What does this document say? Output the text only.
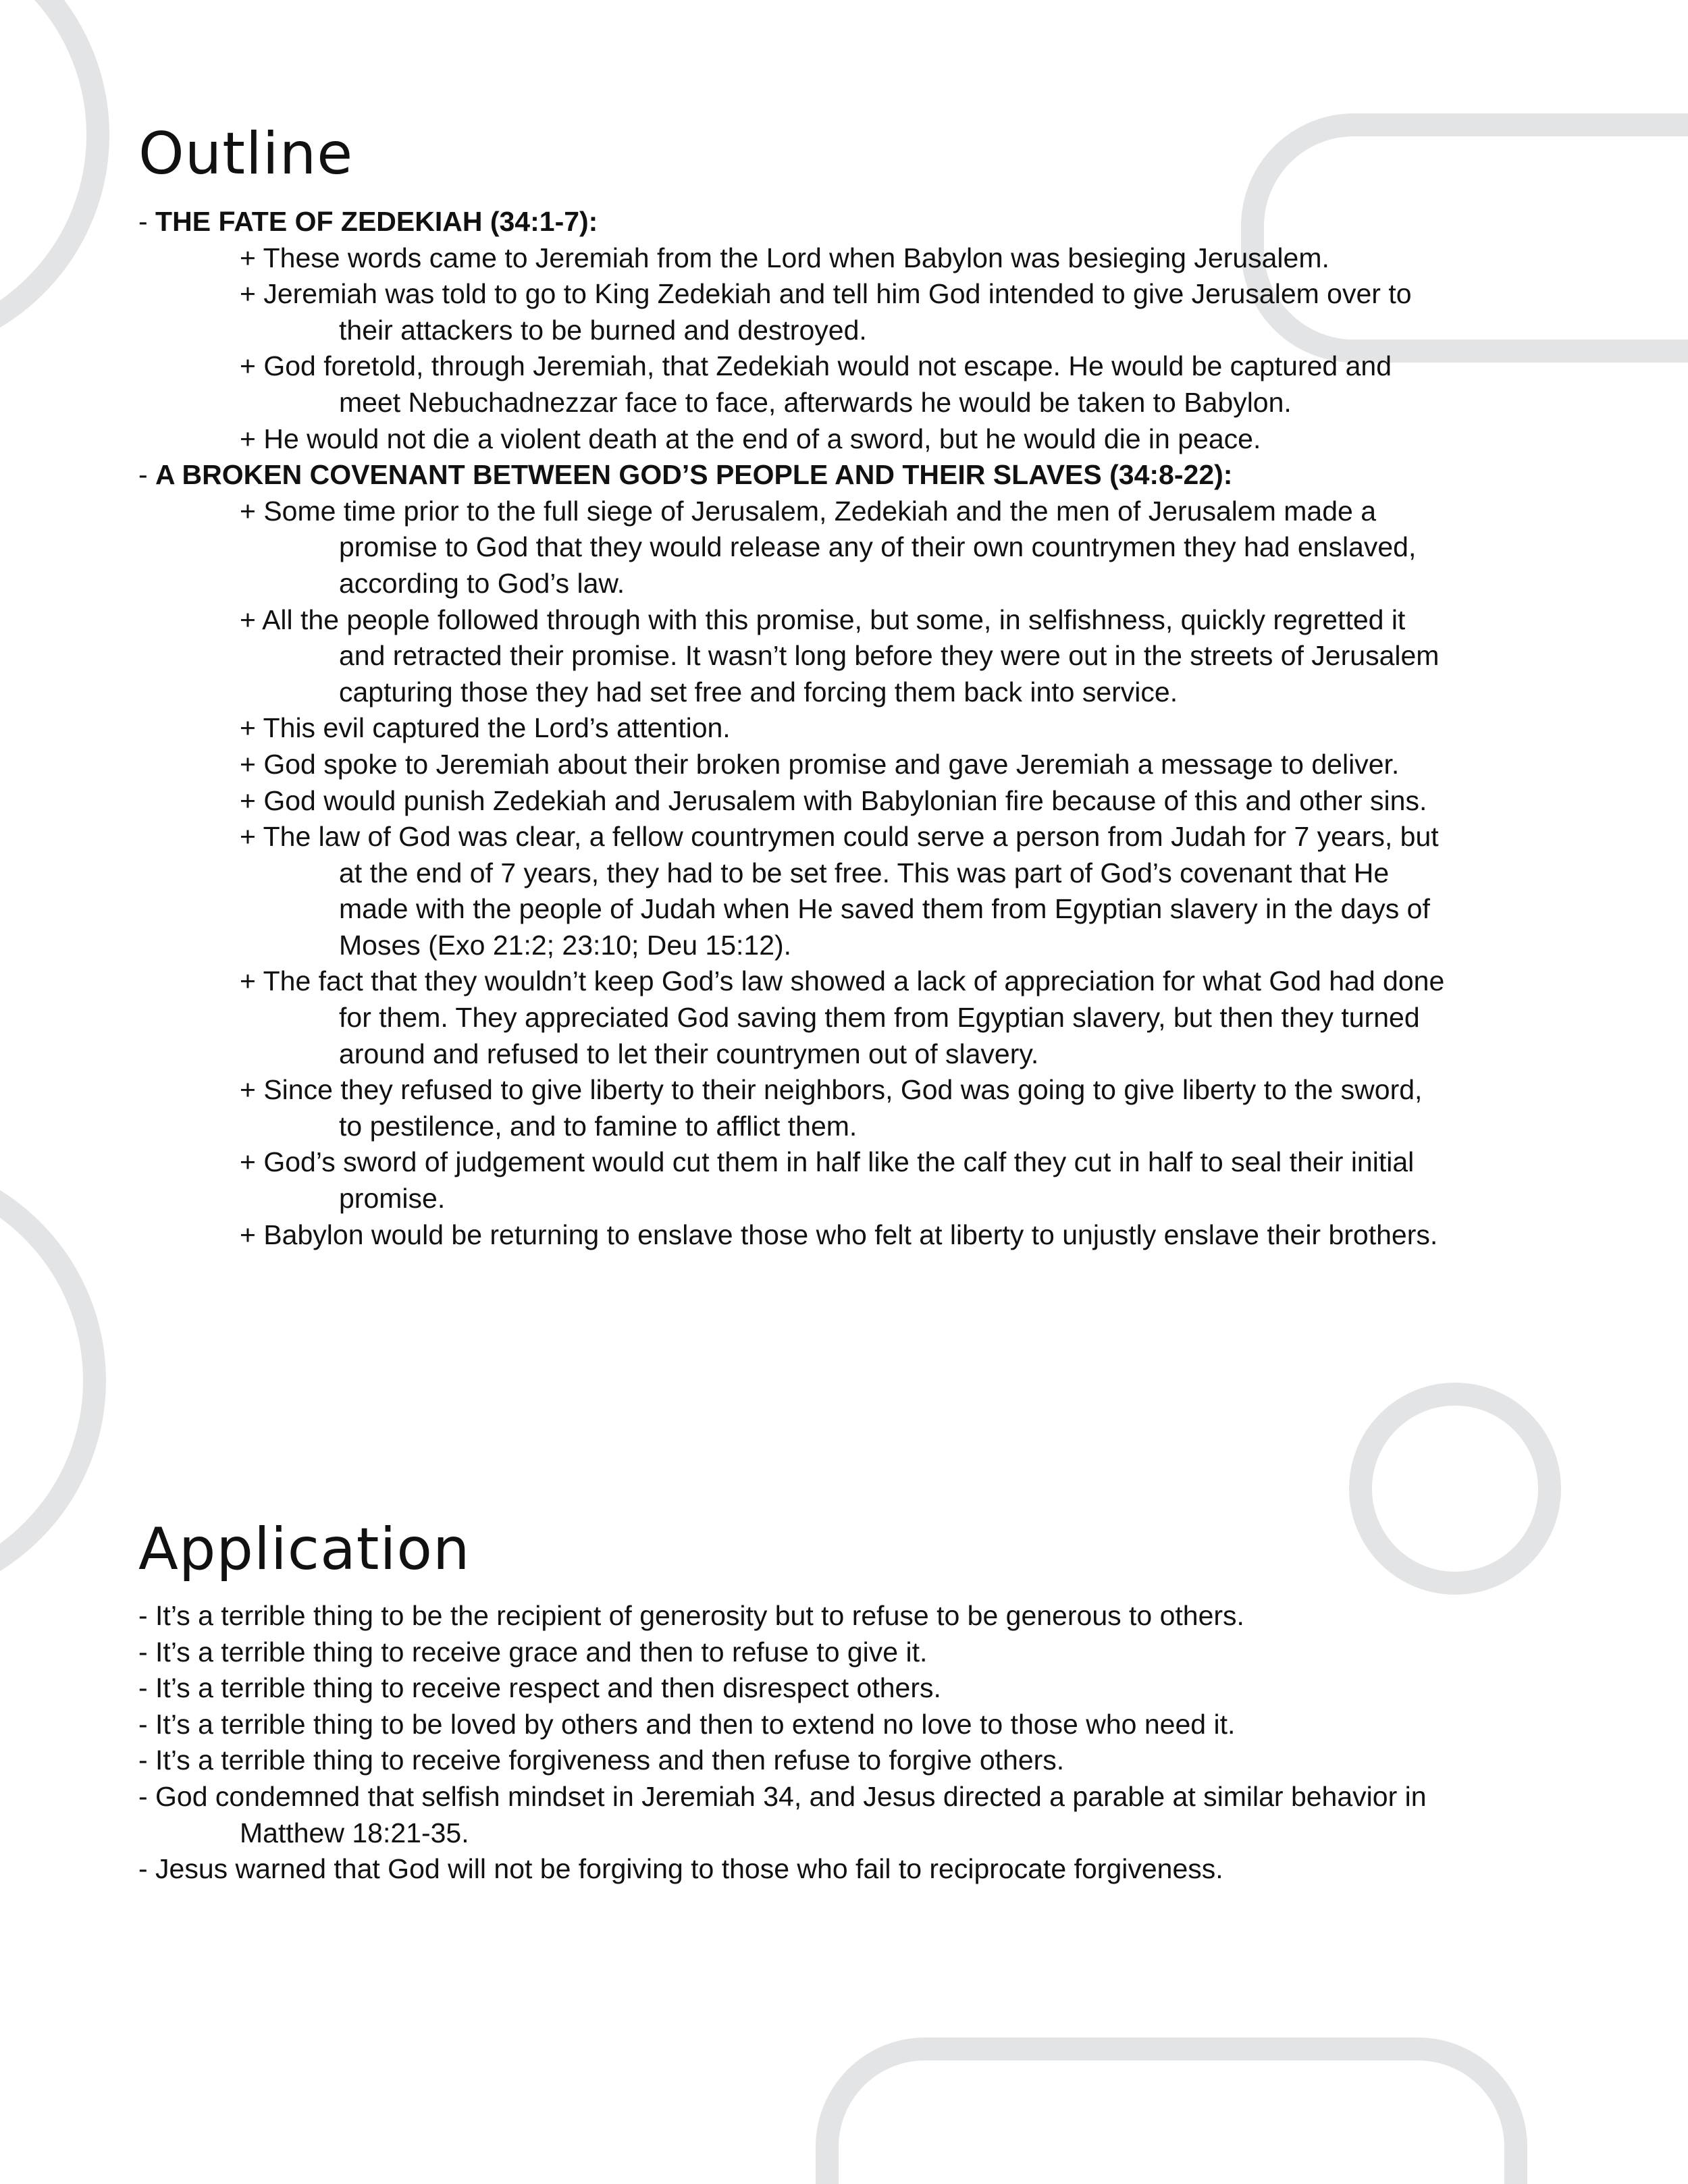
Outline
- THE FATE OF ZEDEKIAH (34:1-7):
+ These words came to Jeremiah from the Lord when Babylon was besieging Jerusalem.
+ Jeremiah was told to go to King Zedekiah and tell him God intended to give Jerusalem over to
their attackers to be burned and destroyed.
+ God foretold, through Jeremiah, that Zedekiah would not escape. He would be captured and
meet Nebuchadnezzar face to face, afterwards he would be taken to Babylon.
+ He would not die a violent death at the end of a sword, but he would die in peace.
- A BROKEN COVENANT BETWEEN GOD’S PEOPLE AND THEIR SLAVES (34:8-22):
+ Some time prior to the full siege of Jerusalem, Zedekiah and the men of Jerusalem made a
promise to God that they would release any of their own countrymen they had enslaved,
according to God’s law.
+ All the people followed through with this promise, but some, in selfishness, quickly regretted it
and retracted their promise. It wasn’t long before they were out in the streets of Jerusalem
capturing those they had set free and forcing them back into service.
+ This evil captured the Lord’s attention.
+ God spoke to Jeremiah about their broken promise and gave Jeremiah a message to deliver.
+ God would punish Zedekiah and Jerusalem with Babylonian fire because of this and other sins.
+ The law of God was clear, a fellow countrymen could serve a person from Judah for 7 years, but
at the end of 7 years, they had to be set free. This was part of God’s covenant that He
made with the people of Judah when He saved them from Egyptian slavery in the days of
Moses (Exo 21:2; 23:10; Deu 15:12).
+ The fact that they wouldn’t keep God’s law showed a lack of appreciation for what God had done
for them. They appreciated God saving them from Egyptian slavery, but then they turned
around and refused to let their countrymen out of slavery.
+ Since they refused to give liberty to their neighbors, God was going to give liberty to the sword,
to pestilence, and to famine to afflict them.
+ God’s sword of judgement would cut them in half like the calf they cut in half to seal their initial
promise.
+ Babylon would be returning to enslave those who felt at liberty to unjustly enslave their brothers.
Application
- It’s a terrible thing to be the recipient of generosity but to refuse to be generous to others.
- It’s a terrible thing to receive grace and then to refuse to give it.
- It’s a terrible thing to receive respect and then disrespect others.
- It’s a terrible thing to be loved by others and then to extend no love to those who need it.
- It’s a terrible thing to receive forgiveness and then refuse to forgive others.
- God condemned that selfish mindset in Jeremiah 34, and Jesus directed a parable at similar behavior in
Matthew 18:21-35.
- Jesus warned that God will not be forgiving to those who fail to reciprocate forgiveness.
